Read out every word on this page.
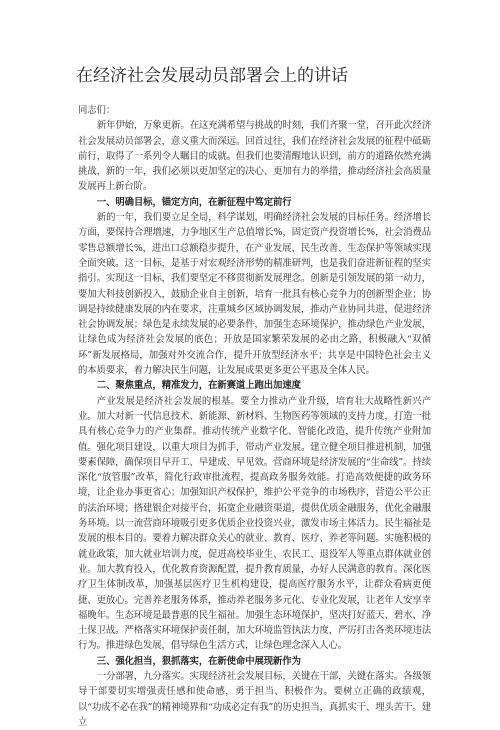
在经济社会发展动员部署会上的讲话

同志们：

新年伊始，万象更新。在这充满希望与挑战的时刻，我们齐聚一堂，召开此次经济社会发展动员部署会，意义重大而深远。回首过往，我们在经济社会发展的征程中砥砺前行，取得了一系列令人瞩目的成就。但我们也要清醒地认识到，前方的道路依然充满挑战，新的一年，我们必须以更加坚定的决心、更加有力的举措，推动经济社会高质量发展再上新台阶。

一、明确目标，锚定方向，在新征程中笃定前行

新的一年，我们要立足全局，科学谋划，明确经济社会发展的目标任务。经济增长方面，要保持合理增速，力争地区生产总值增长%，固定资产投资增长%，社会消费品零售总额增长%，进出口总额稳步提升，在产业发展、民生改善、生态保护等领域实现全面突破。这一目标，是基于对宏观经济形势的精准研判，也是我们奋进新征程的坚实指引。实现这一目标，我们要坚定不移贯彻新发展理念。创新是引领发展的第一动力，要加大科技创新投入，鼓励企业自主创新，培育一批具有核心竞争力的创新型企业；协调是持续健康发展的内在要求，注重城乡区域协调发展，推动产业协同共进，促进经济社会协调发展；绿色是永续发展的必要条件，加强生态环境保护，推动绿色产业发展，让绿色成为经济社会发展的底色；开放是国家繁荣发展的必由之路，积极融入“双循环”新发展格局，加强对外交流合作，提升开放型经济水平；共享是中国特色社会主义的本质要求，着力解决民生问题，让发展成果更多更公平惠及全体人民。

二、聚焦重点，精准发力，在新赛道上跑出加速度

产业发展是经济社会发展的根基。要全力推动产业升级，培育壮大战略性新兴产业。加大对新一代信息技术、新能源、新材料、生物医药等领域的支持力度，打造一批具有核心竞争力的产业集群。推动传统产业数字化、智能化改造，提升传统产业附加值。强化项目建设，以重大项目为抓手，带动产业发展。建立健全项目推进机制，加强要素保障，确保项目早开工、早建成、早见效。营商环境是经济发展的“生命线”。持续深化“放管服”改革，简化行政审批流程，提高政务服务效能。打造高效便捷的政务环境，让企业办事更省心；加强知识产权保护，维护公平竞争的市场秩序，营造公平公正的法治环境；搭建银企对接平台，拓宽企业融资渠道，提供优质金融服务，优化金融服务环境。以一流营商环境吸引更多优质企业投资兴业，激发市场主体活力。民生福祉是发展的根本目的。要着力解决群众关心的就业、教育、医疗、养老等问题。实施积极的就业政策，加大就业培训力度，促进高校毕业生、农民工、退役军人等重点群体就业创业。加大教育投入，优化教育资源配置，提升教育质量，办好人民满意的教育。深化医疗卫生体制改革，加强基层医疗卫生机构建设，提高医疗服务水平，让群众看病更便捷、更放心。完善养老服务体系，推动养老服务多元化、专业化发展，让老年人安享幸福晚年。生态环境是最普惠的民生福祉。加强生态环境保护，坚决打好蓝天、碧水、净土保卫战。严格落实环境保护责任制，加大环境监管执法力度，严厉打击各类环境违法行为。推进绿色发展，倡导绿色生活方式，让绿色理念深入人心。

三、强化担当，狠抓落实，在新使命中展现新作为

一分部署，九分落实。实现经济社会发展目标，关键在干部，关键在落实。各级领导干部要切实增强责任感和使命感，勇于担当、积极作为。要树立正确的政绩观，以“功成不必在我”的精神境界和“功成必定有我”的历史担当，真抓实干、埋头苦干。建立
